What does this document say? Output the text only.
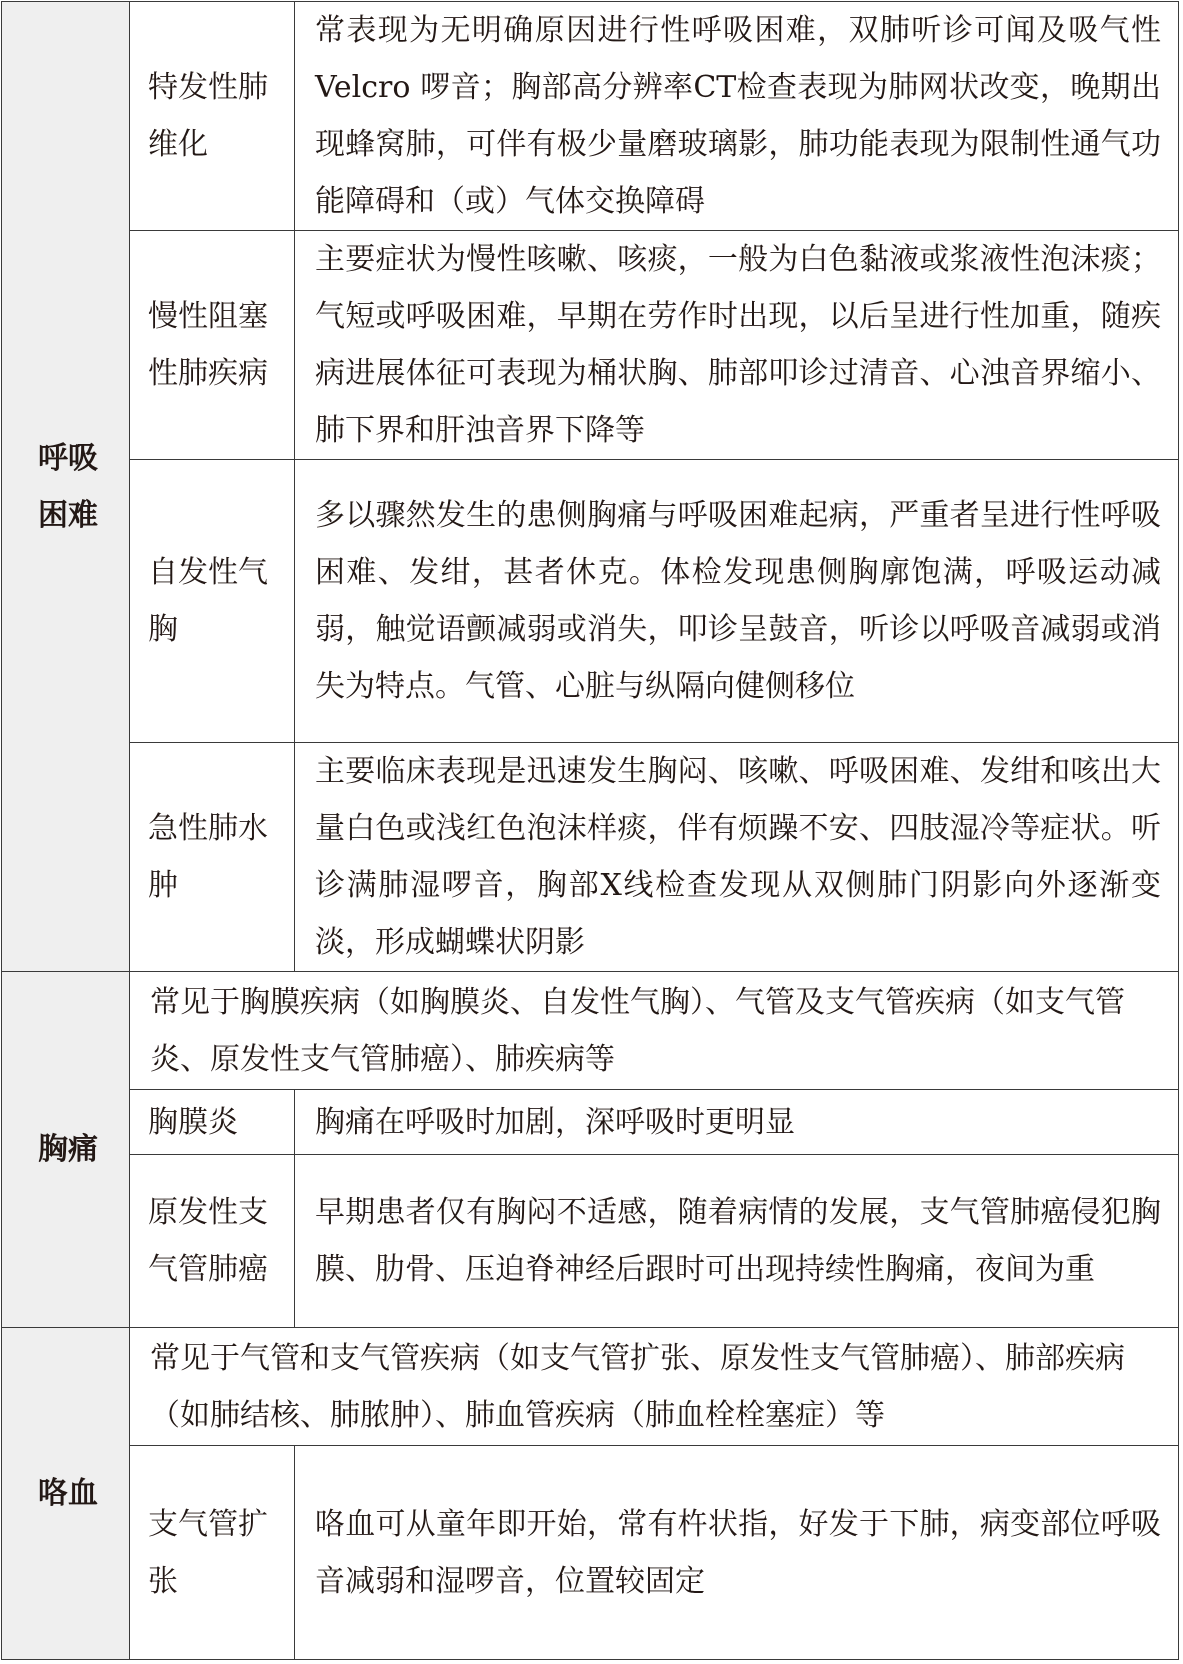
呼吸困难	特发性肺维化	常表现为无明确原因进行性呼吸困难，双肺听诊可闻及吸气性Velcro 啰音；胸部高分辨率CT检查表现为肺网状改变，晚期出现蜂窝肺，可伴有极少量磨玻璃影，肺功能表现为限制性通气功能障碍和（或）气体交换障碍
	慢性阻塞性肺疾病	主要症状为慢性咳嗽、咳痰，一般为白色黏液或浆液性泡沫痰；气短或呼吸困难，早期在劳作时出现，以后呈进行性加重，随疾病进展体征可表现为桶状胸、肺部叩诊过清音、心浊音界缩小、肺下界和肝浊音界下降等
	自发性气胸	多以骤然发生的患侧胸痛与呼吸困难起病，严重者呈进行性呼吸困难、发绀，甚者休克。体检发现患侧胸廓饱满，呼吸运动减弱，触觉语颤减弱或消失，叩诊呈鼓音，听诊以呼吸音减弱或消失为特点。气管、心脏与纵隔向健侧移位
	急性肺水肿	主要临床表现是迅速发生胸闷、咳嗽、呼吸困难、发绀和咳出大量白色或浅红色泡沫样痰，伴有烦躁不安、四肢湿冷等症状。听诊满肺湿啰音，胸部X线检查发现从双侧肺门阴影向外逐渐变淡，形成蝴蝶状阴影
胸痛	常见于胸膜疾病（如胸膜炎、自发性气胸）、气管及支气管疾病（如支气管炎、原发性支气管肺癌）、肺疾病等	
	胸膜炎	胸痛在呼吸时加剧，深呼吸时更明显
	原发性支气管肺癌	早期患者仅有胸闷不适感，随着病情的发展，支气管肺癌侵犯胸膜、肋骨、压迫脊神经后跟时可出现持续性胸痛，夜间为重
咯血	常见于气管和支气管疾病（如支气管扩张、原发性支气管肺癌）、肺部疾病（如肺结核、肺脓肿）、肺血管疾病（肺血栓栓塞症）等	
	支气管扩张	咯血可从童年即开始，常有杵状指，好发于下肺，病变部位呼吸音减弱和湿啰音，位置较固定
